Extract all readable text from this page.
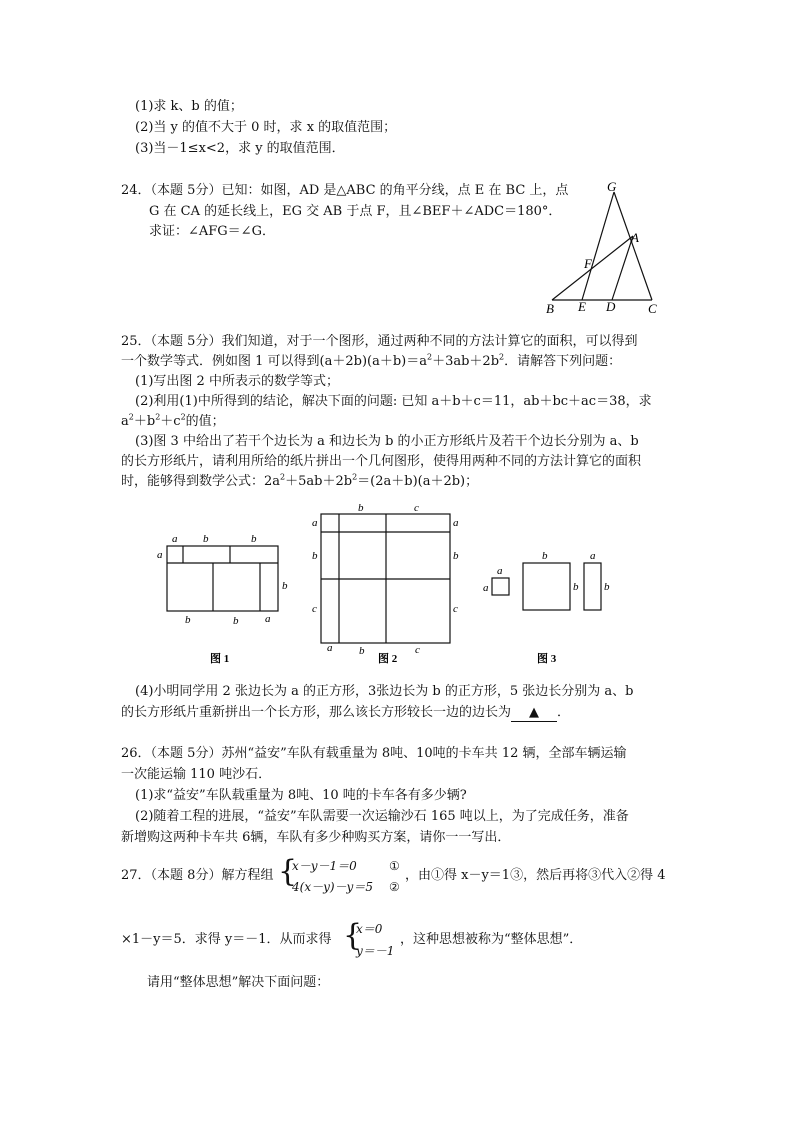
(1)求 k、b 的值；
(2)当 y 的值不大于 0 时，求 x 的取值范围；
(3)当－1≤x<2，求 y 的取值范围．
24．（本题 5分）已知：如图，AD 是△ABC 的角平分线，点 E 在 BC 上，点
G 在 CA 的延长线上，EG 交 AB 于点 F，且∠BEF＋∠ADC＝180°．
求证：∠AFG＝∠G．
G
A
F
B E D	C
25．（本题 5分）我们知道，对于一个图形，通过两种不同的方法计算它的面积，可以得到
一个数学等式．例如图 1 可以得到$(a+2b)(a+b)=a^2+3ab+2b^2$．请解答下列问题：
(1)写出图 2 中所表示的数学等式；
(2)利用(1)中所得到的结论，解决下面的问题: 已知 a＋b＋c＝11，ab＋bc＋ac＝38，求
$a^2+b^2+c^2$的值；
(3)图 3 中给出了若干个边长为 a 和边长为 b 的小正方形纸片及若干个边长分别为 a、b
的长方形纸片，请利用所给的纸片拼出一个几何图形，使得用两种不同的方法计算它的面积
时，能够得到数学公式：$2a^2+5ab+2b^2=(2a+b)(a+2b)$；
a b	b
a
b
b	b a
b	c
a
b
c
a
b
c
a b	c
a
a
b
b
a
b
图 1	图 2	图 3
(4)小明同学用 2 张边长为 a 的正方形，3张边长为 b 的正方形，5 张边长分别为 a、b
的长方形纸片重新拼出一个长方形，那么该长方形较长一边的边长为 ▲ ．
26．（本题 5分）苏州“益安”车队有载重量为 8吨、10吨的卡车共 12 辆，全部车辆运输
一次能运输 110 吨沙石．
(1)求“益安”车队载重量为 8吨、10 吨的卡车各有多少辆?
(2)随着工程的进展，“益安”车队需要一次运输沙石 165 吨以上，为了完成任务，准备
新增购这两种卡车共 6辆，车队有多少种购买方案，请你一一写出．
27．（本题 8分）解方程组 {
x－y－1＝0
4(x－y)－y＝5
①
②
，由①得 x－y＝1③，然后再将③代入②得 4
×1－y＝5．求得 y＝－1．从而求得 {
x＝0
y＝－1
，这种思想被称为“整体思想”．
请用“整体思想”解决下面问题：
